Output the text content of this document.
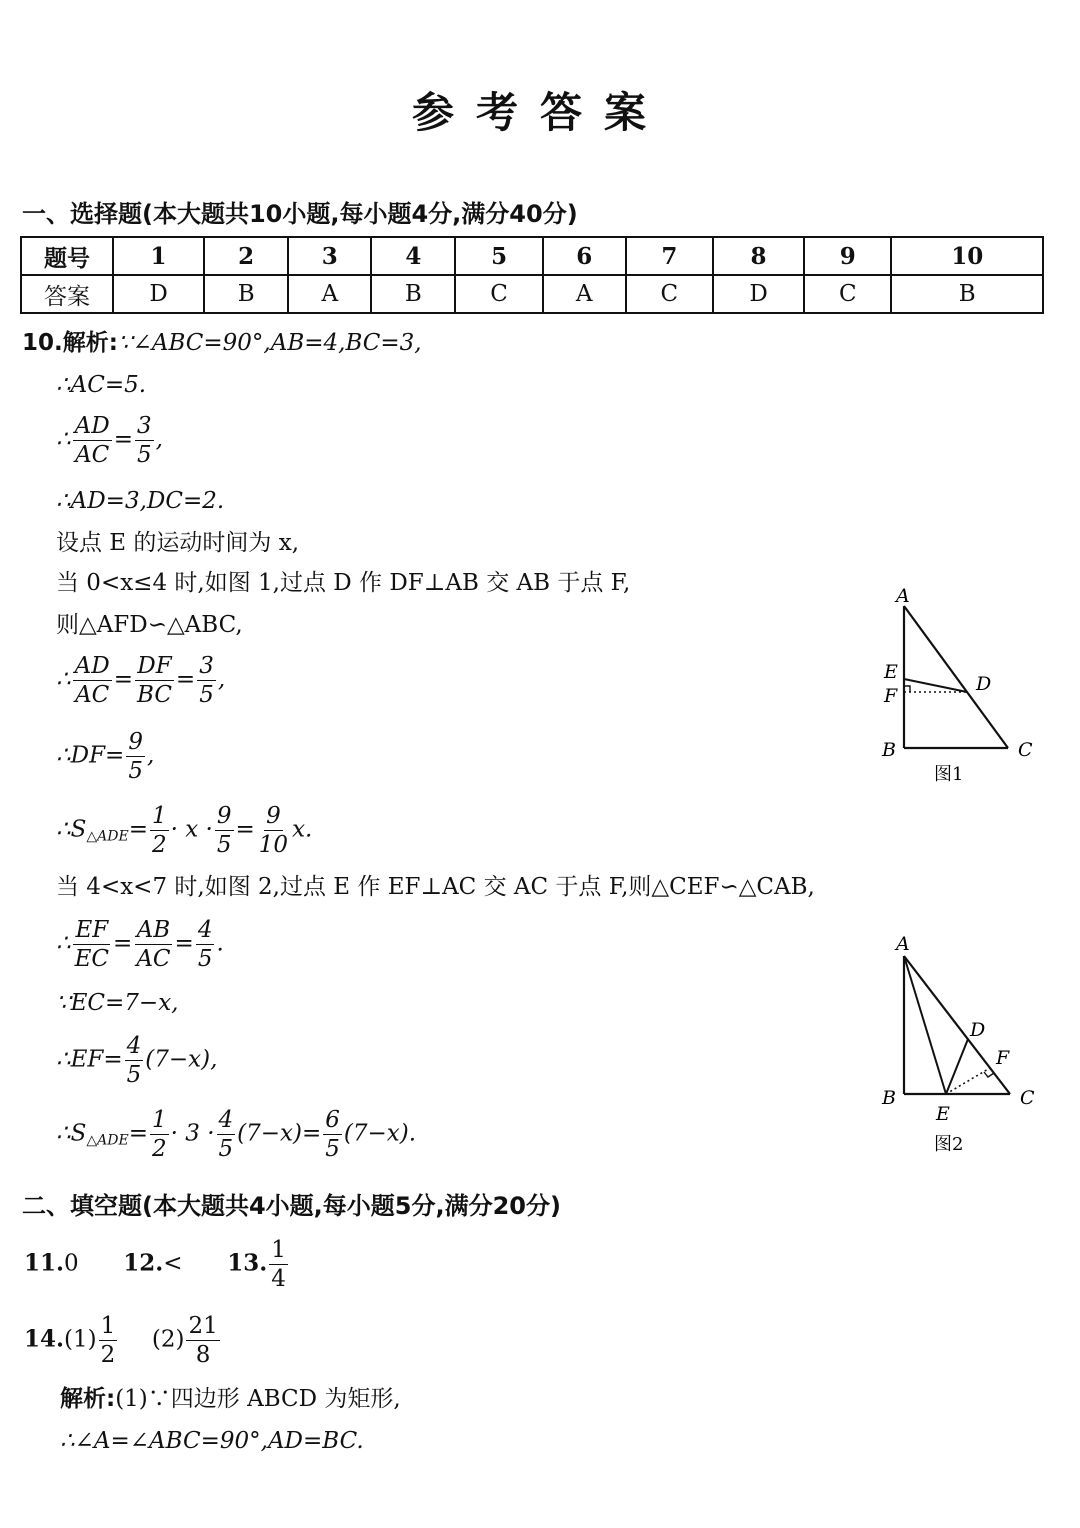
参考答案
一、选择题(本大题共10小题,每小题4分,满分40分)
题号	1	2	3	4	5	6	7	8	9	10
答案	D	B	A	B	C	A	C	D	C	B
10.解析:∵∠ABC=90°,AB=4,BC=3,
∴AC=5.
∴ $\frac{AD}{AC} = \frac{3}{5}$ ,
∴AD=3,DC=2.
设点 E 的运动时间为 x,
当 0<x≤4 时,如图 1,过点 D 作 DF⊥AB 交 AB 于点 F,
则△AFD∽△ABC,
∴ $\frac{AD}{AC} = \frac{DF}{BC} = \frac{3}{5}$ ,
∴DF= $\frac{9}{5}$ ,
$\therefore S_{\triangle ADE}= \frac{1}{2} \cdot x \cdot \frac{9}{5} = \frac{9}{10} x$.
当 4<x<7 时,如图 2,过点 E 作 EF⊥AC 交 AC 于点 F,则△CEF∽△CAB,
∴ $\frac{EF}{EC} = \frac{AB}{AC} = \frac{4}{5}$ .
∵EC=7−x,
∴EF= $\frac{4}{5} (7-x)$,
$\therefore S_{\triangle ADE}= \frac{1}{2} \cdot 3 \cdot \frac{4}{5} (7-x)= \frac{6}{5} (7-x)$.
A
E
F
D
B	C
图1
A
D
F
B
E
C
图2
二、填空题(本大题共4小题,每小题5分,满分20分)
11.0 12.< 13. $\frac{1}{4}$
$14.(1) \frac{1}{2} (2) \frac{21}{8}$
解析:(1)∵四边形 ABCD 为矩形,
∴∠A=∠ABC=90°,AD=BC.
